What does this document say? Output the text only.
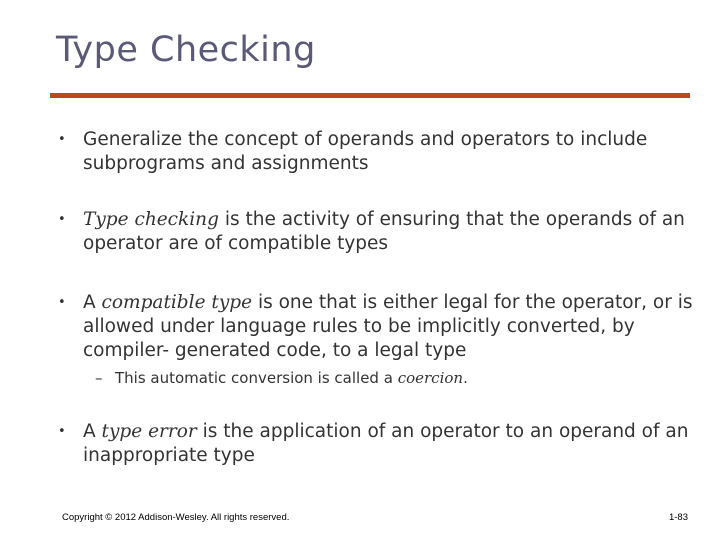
Type Checking
• Generalize the concept of operands and operators to include subprograms and assignments
• Type checking is the activity of ensuring that the operands of an operator are of compatible types
• A compatible type is one that is either legal for the operator, or is allowed under language rules to be implicitly converted, by compiler- generated code, to a legal type
– This automatic conversion is called a coercion.
• A type error is the application of an operator to an operand of an inappropriate type
Copyright © 2012 Addison-Wesley. All rights reserved.	1-83
